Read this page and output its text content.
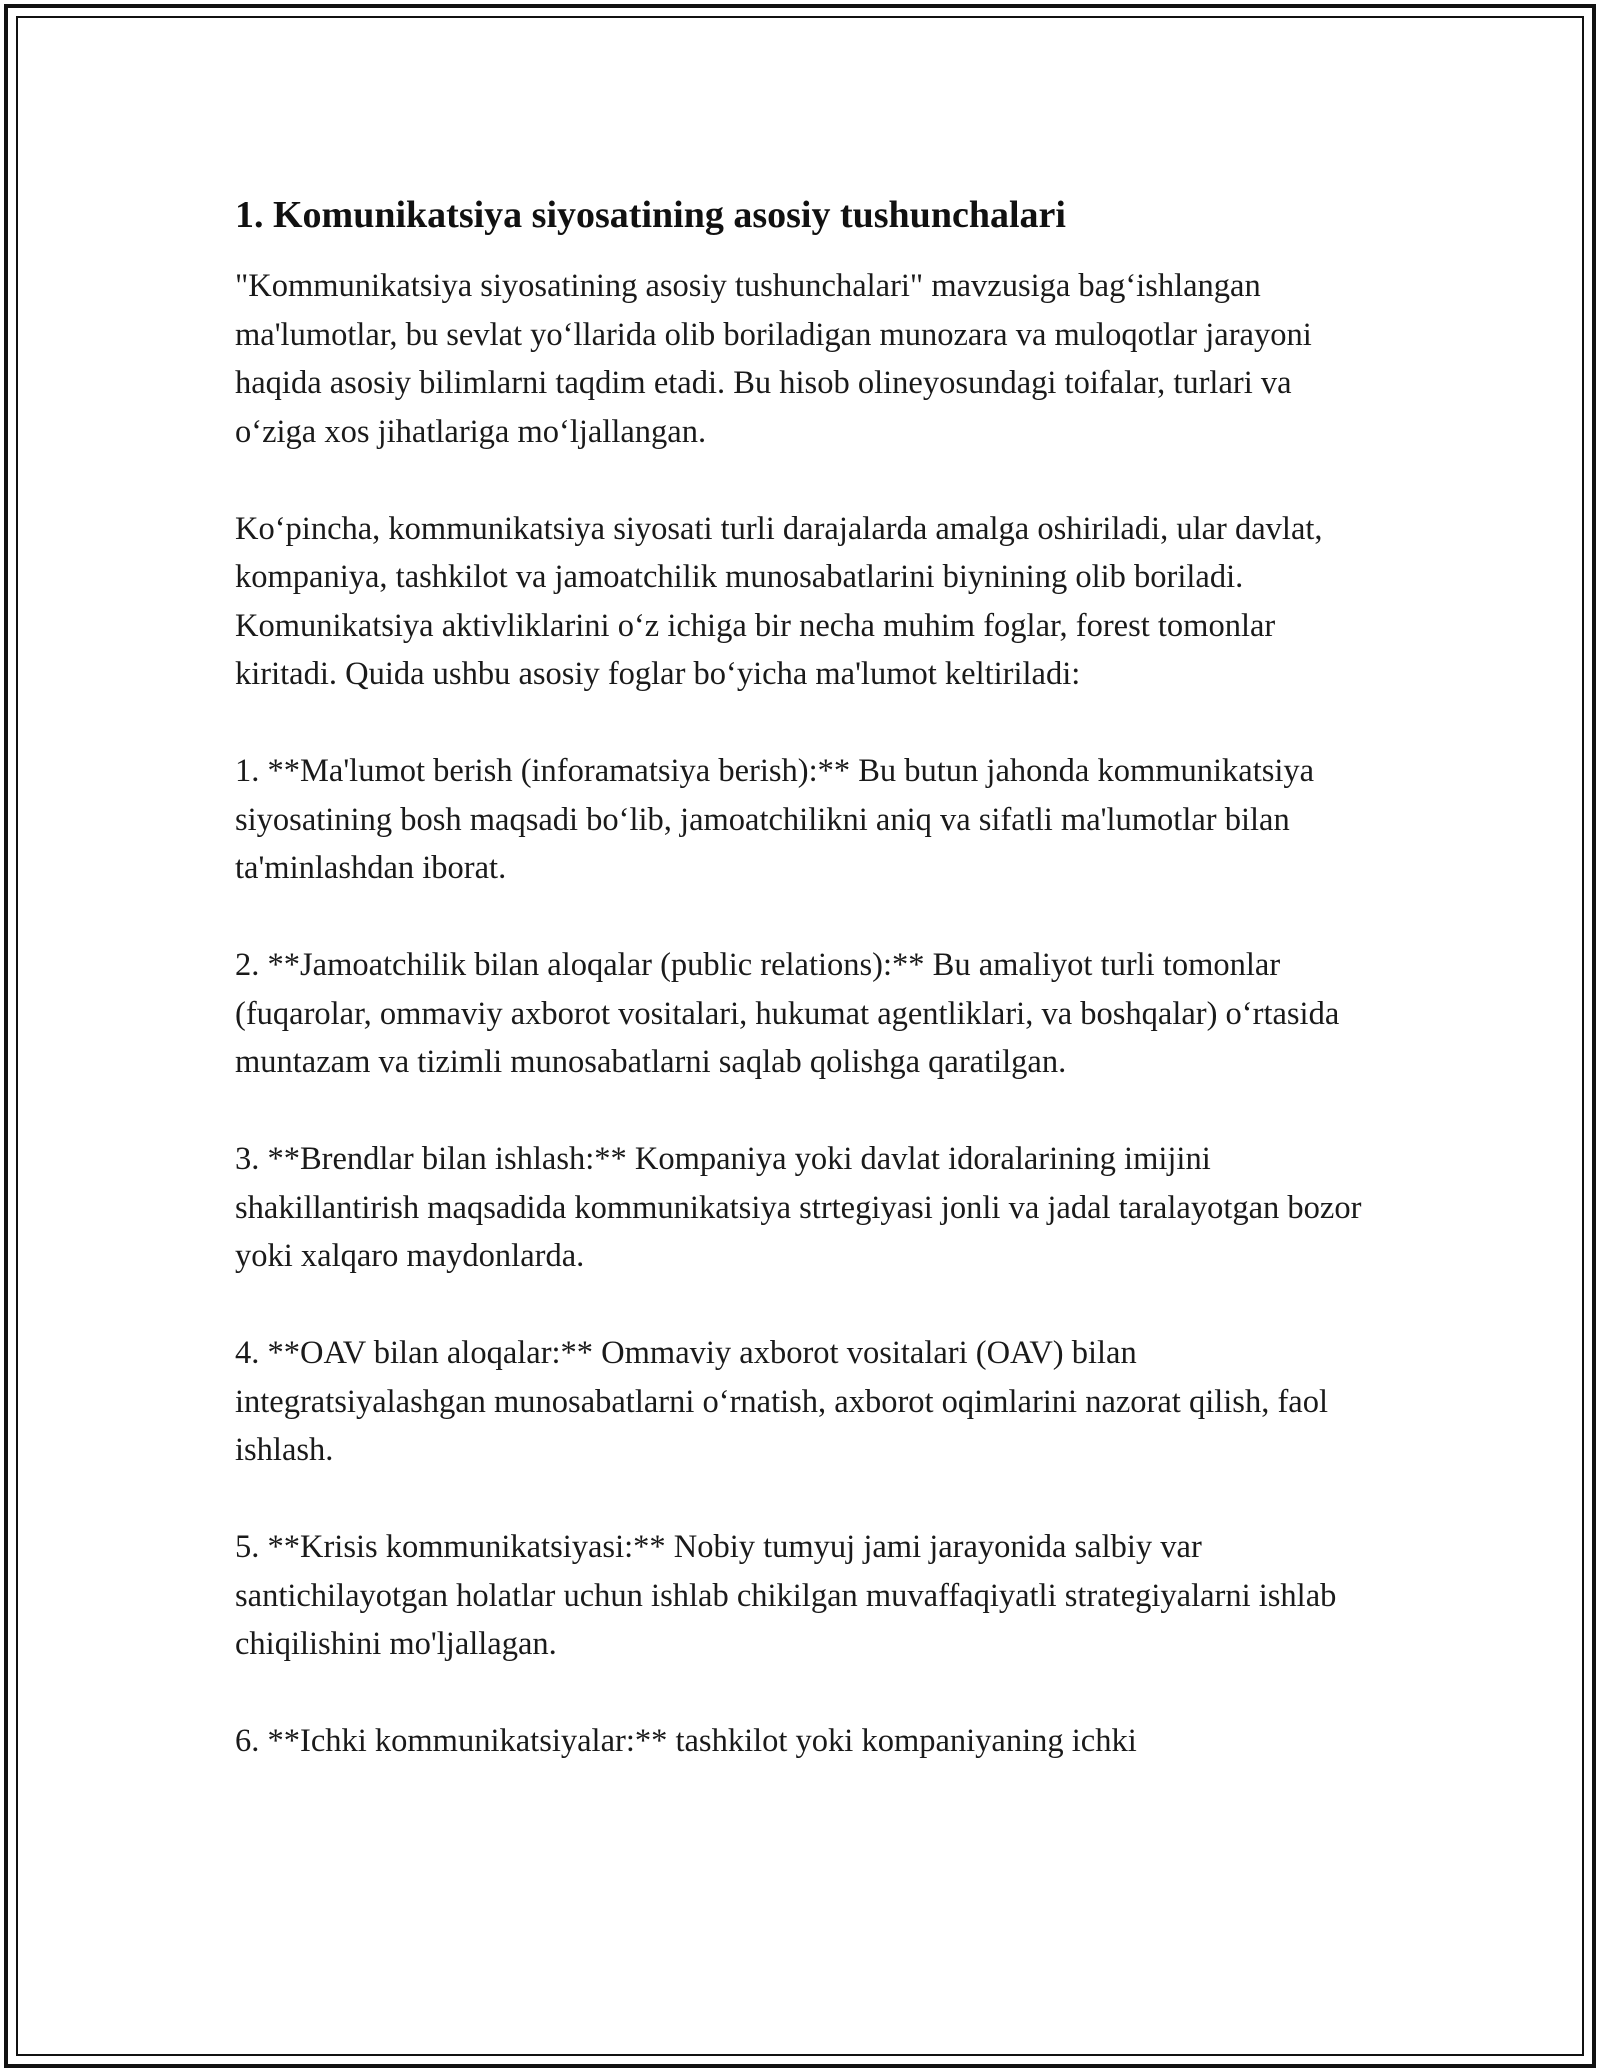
1. Komunikatsiya siyosatining asosiy tushunchalari

"Kommunikatsiya siyosatining asosiy tushunchalari" mavzusiga bag‘ishlangan ma'lumotlar, bu sevlat yo‘llarida olib boriladigan munozara va muloqotlar jarayoni haqida asosiy bilimlarni taqdim etadi. Bu hisob olineyosundagi toifalar, turlari va o‘ziga xos jihatlariga mo‘ljallangan.

Ko‘pincha, kommunikatsiya siyosati turli darajalarda amalga oshiriladi, ular davlat, kompaniya, tashkilot va jamoatchilik munosabatlarini biynining olib boriladi. Komunikatsiya aktivliklarini o‘z ichiga bir necha muhim foglar, forest tomonlar kiritadi. Quida ushbu asosiy foglar bo‘yicha ma'lumot keltiriladi:

1. **Ma'lumot berish (inforamatsiya berish):** Bu butun jahonda kommunikatsiya siyosatining bosh maqsadi bo‘lib, jamoatchilikni aniq va sifatli ma'lumotlar bilan ta'minlashdan iborat.

2. **Jamoatchilik bilan aloqalar (public relations):** Bu amaliyot turli tomonlar (fuqarolar, ommaviy axborot vositalari, hukumat agentliklari, va boshqalar) o‘rtasida muntazam va tizimli munosabatlarni saqlab qolishga qaratilgan.

3. **Brendlar bilan ishlash:** Kompaniya yoki davlat idoralarining imijini shakillantirish maqsadida kommunikatsiya strtegiyasi jonli va jadal taralayotgan bozor yoki xalqaro maydonlarda.

4. **OAV bilan aloqalar:** Ommaviy axborot vositalari (OAV) bilan integratsiyalashgan munosabatlarni o‘rnatish, axborot oqimlarini nazorat qilish, faol ishlash.

5. **Krisis kommunikatsiyasi:** Nobiy tumyuj jami jarayonida salbiy var santichilayotgan holatlar uchun ishlab chikilgan muvaffaqiyatli strategiyalarni ishlab chiqilishini mo'ljallagan.

6. **Ichki kommunikatsiyalar:** tashkilot yoki kompaniyaning ichki
